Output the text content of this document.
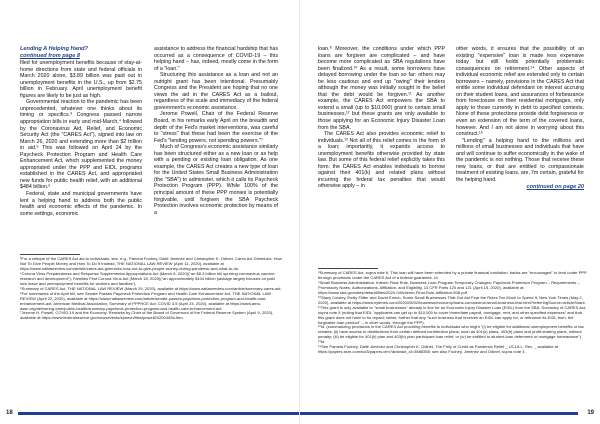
Lending A Helping Hand?
continued from page 8

filed for unemployment benefits because of stay-at-home directions from state and federal officials in March 2020 alone, $3.89 billion was paid out in unemployment benefits in the U.S., up from $2.75 billion in February. April unemployment benefit figures are likely to be just as high.

Governmental reaction to the pandemic has been unprecedented, whatever one thinks about its timing or specifics.³ Congress passed narrow appropriation bills in early and mid-March,⁴ followed by the Coronavirus Aid, Relief, and Economic Security Act (the "CARES Act"), signed into law on March 26, 2020 and extending more than $2 trillion in aid.⁵ This was followed on April 24 by the Paycheck Protection Program and Health Care Enhancement Act, which supplemented the money appropriated under the PPP and EIDL programs established in the CARES Act, and appropriated new funds for public health relief, with an additional $484 billion.⁶

Federal, state and municipal governments have lent a helping hand to address both the public health and economic effects of the pandemic. In some settings, economic

assistance to address the financial hardship that has occurred as a consequence of COVID-19 – this helping hand – has, indeed, mostly come in the form of a "loan."

Structuring this assistance as a loan and not an outright grant has been intentional. Presumably Congress and the President are hoping that no one views the aid in the CARES Act as a bailout, regardless of the scale and immediacy of the federal government's economic assistance.

Jerome Powell, Chair of the Federal Reserve Board, in his remarks early April on the breadth and depth of the Fed's market interventions, was careful to "stress" that these had been the exercise of the Fed's "lending powers, not spending powers."⁷

Much of Congress's economic assistance similarly has been structured either as a new loan or as help with a pending or existing loan obligation. As one example, the CARES Act creates a new type of loan for the United States Small Business Administration (the "SBA") to administer, which it calls its Paycheck Protection Program (PPP). While 100% of the principal amount of these PPP monies is potentially forgivable, until forgiven the SBA Paycheck Protection involves economic protection by means of a

³For a critique of the CARES Act aid to individuals, see, e.g., Pamela Foohey, Dalié Jiménez and Christopher K. Odinet, Cares Act Gimmicks: How Not To Give People Money and How To Do It Instead, THE NATIONAL LAW REVIEW (April 11, 2020), available at https://www.natlawreview.com/article/cares-act-gimmicks-how-not-to-give-people-money-during-pandemic-and-what-to-do.

⁴Corona Virus Preparedness and Response Supplemental Appropriations Act (March 6, 2020)("an $8.3 billion bill spurring coronavirus vaccine research and development"); Families First Corona Virus Act (March 18, 2020)("an approximately $104 billion package largely focused on paid sick leave and unemployment benefits for workers and families").

⁵Summary of CARES Act, THE NATIONAL LAW REVIEW (March 29, 2020), available at https://www.natlawreview.com/article/summary-cares-act.

⁶For summaries of the April bill, see Senate Passes Paycheck Protection Program and Health Care Enhancement Act, THE NATIONAL LAW REVIEW (April 22, 2020), available at https://www.natlawreview.com/article/senate-passes-paycheck-protection-program-and-health-care-enhancement-act; American Medical Association, Summary of PPPHCE Act: COVID 3.5 (April 24, 2020), available at https://www.ama-assn.org/delivering-care/public-health/summary-paycheck-protection-program-and-health-care-enhancement-act.

⁷Jerome H. Powell, COVID-19 and the Economy, Remarks by Chair of the Board of Governors of the Federal Reserve System (April 9, 2020), available at https://www.federalreserve.gov/newsevents/speech/files/powell20200409a.htm.

18

loan.⁸ Moreover, the conditions under which PPP loans are forgiven are complicated – and have become more complicated as SBA regulations have been finalized.¹⁰ As a result, some borrowers have delayed borrowing under the loan so far: others may be less cautious and end up "owing" their lenders although the money was initially sought in the belief that the debt would be forgiven.¹¹ As another example, the CARES Act empowers the SBA to extend a small (up to $10,000) grant to certain small businesses,¹² but these grants are only available to those applying for an Economic Injury Disaster Loan from the SBA.

The CARES Act also provides economic relief to individuals.¹³ Not all of this relief comes in the form of a loan; importantly, it expands access to unemployment benefits otherwise provided by state law. But some of this federal relief explicitly takes this form: the CARES Act enables individuals to borrow against their 401(k) and related plans without incurring the federal tax penalties that would otherwise apply – in

other words, it ensures that the possibility of an existing "expensive" loan is made less expensive today but still holds potentially problematic consequences on retirement.¹⁴ Other aspects of individual economic relief are extended only to certain borrowers – namely, provisions in the CARES Act that entitle some individual defendant on interest accruing on their student loans, and assurances of forbearance from foreclosure on their residential mortgages, only apply to those currently in debt to specified contexts. None of these protections provide debt forgiveness or even an extension of the term of the covered loans, however. And I am not alone in worrying about this construct.¹⁵

"Lending" a helping hand to the millions and millions of small businesses and individuals that have and will continue to suffer economically in the wake of the pandemic is not nothing. Those that receive these new loans, or that are entitled to compassionate treatment of existing loans, are, I'm certain, grateful for the helping hand.

continued on page 20

⁸Summary of CARES Act, supra note 6. This loan will have been extended by a private financial institution; banks are "encouraged" to lend under PPP through provisions under the CARES Act of a federal guarantee. Id.

⁹Small Business Administration, Interim Final Rule, Business Loan Program Temporary Changes; Paycheck Protection Program – Requirements – Promissory Notes, Authorizations, Affiliation, and Eligibility, 13 CFR Parts 120 and 121 (April 15, 2020), available at https://www.sba.gov/sites/default/files/2020-04/Interim-Final-Rule-Affiliation-508.pdf.

¹⁰Stacy Cowley, Emily Flitter and David Enrich, Some Small Businesses That Got Aid Fear the Rules Too Much to Spend It, New York Times (May 2, 2020), available at https://www.nytimes.com/2020/05/02/business/economy/loans-coronavirus-small-business-fear.html?referringSource=articleShare.

¹¹This grant is only available to "small businesses" already in line for an Economic Injury Disaster Loan (EIDL) from the SBA. Summary of CARES Act, supra note 5 (noting that EIDL "applicants can get up to $10,000 to cover immediate payroll, mortgage, rent, and other specified expenses" and that this grant does not have to be repaid; rather, further that any "such business that receives an EIDL can apply for, or refinance its EIDL from, the forgivable loan product" – in other words, through the PPP).

¹²Id. (summarizing provisions in the CARES Act providing benefits to individuals who might "(i) be eligible for additional unemployment benefits or tax rebates; (ii) have access to distributions from certain defined contribution plans, such as 401(k) plans, 403(b) plans and profit-sharing plans, without penalty; (iii) be eligible for 401(k) plan and 403(b) plan participant loan relief; or (iv) be entitled to student loan deferment or mortgage forbearance").

¹³Id.

¹⁴See Pamela Foohey, Dalié Jiménez and Christopher K. Odinet, The Folly of Credit as Pandemic Relief _ UCLA L. Rev. _ available at https://papers.ssrn.com/sol3/papers.cfm?abstract_id=3588355; see also Foohey, Jiménez and Odinet, supra note 4.

19
